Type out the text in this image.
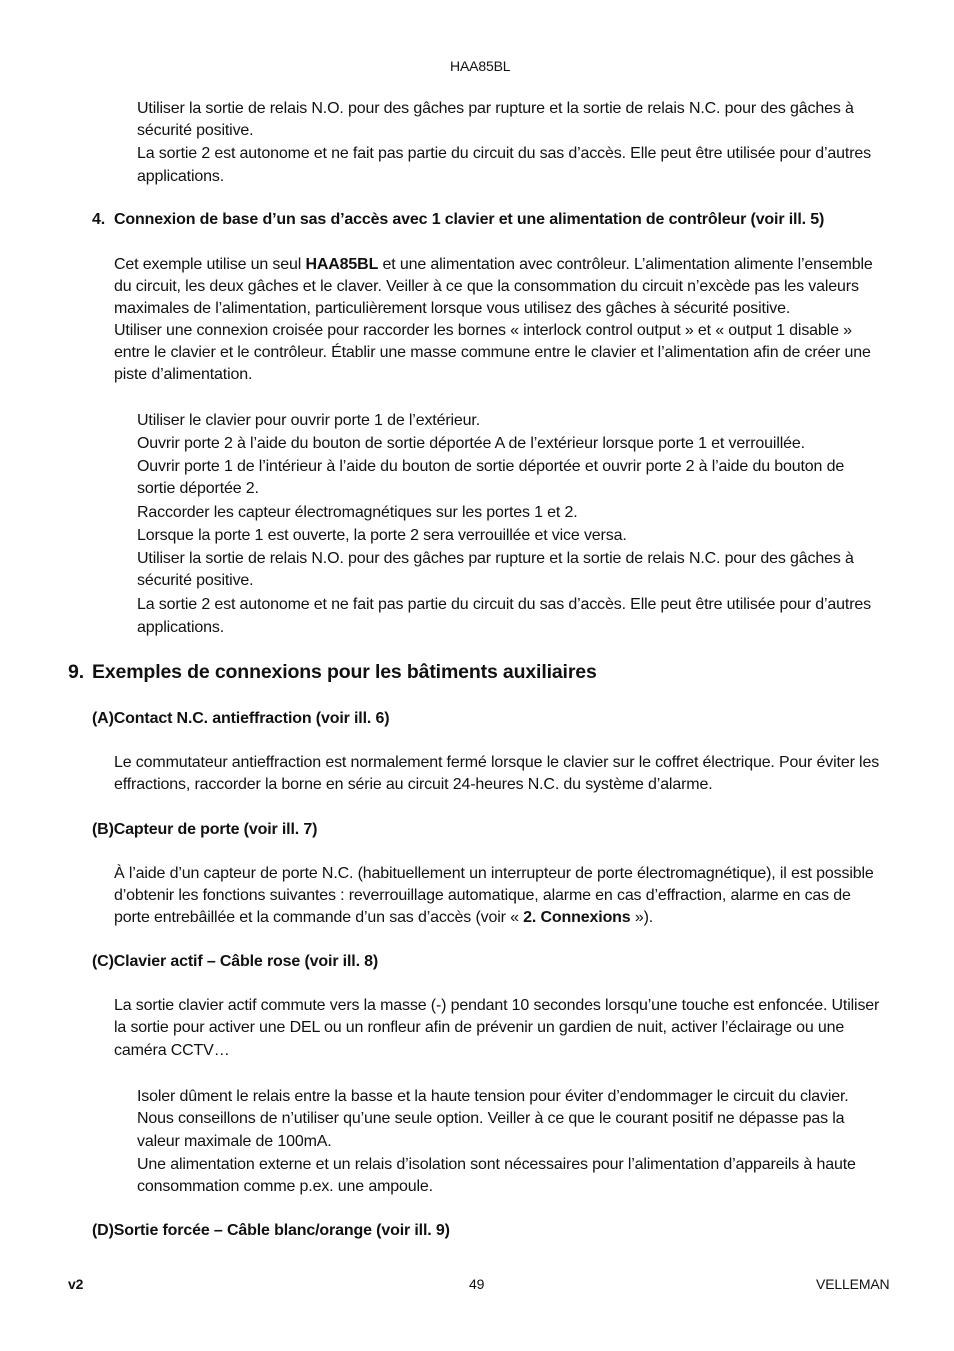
HAA85BL
Utiliser la sortie de relais N.O. pour des gâches par rupture et la sortie de relais N.C. pour des gâches à
sécurité positive.
La sortie 2 est autonome et ne fait pas partie du circuit du sas d’accès. Elle peut être utilisée pour d’autres
applications.
4. Connexion de base d’un sas d’accès avec 1 clavier et une alimentation de contrôleur (voir ill. 5)
Cet exemple utilise un seul HAA85BL et une alimentation avec contrôleur. L’alimentation alimente l’ensemble
du circuit, les deux gâches et le claver. Veiller à ce que la consommation du circuit n’excède pas les valeurs
maximales de l’alimentation, particulièrement lorsque vous utilisez des gâches à sécurité positive.
Utiliser une connexion croisée pour raccorder les bornes « interlock control output » et « output 1 disable »
entre le clavier et le contrôleur. Établir une masse commune entre le clavier et l’alimentation afin de créer une
piste d’alimentation.
Utiliser le clavier pour ouvrir porte 1 de l’extérieur.
Ouvrir porte 2 à l’aide du bouton de sortie déportée A de l’extérieur lorsque porte 1 et verrouillée.
Ouvrir porte 1 de l’intérieur à l’aide du bouton de sortie déportée et ouvrir porte 2 à l’aide du bouton de
sortie déportée 2.
Raccorder les capteur électromagnétiques sur les portes 1 et 2.
Lorsque la porte 1 est ouverte, la porte 2 sera verrouillée et vice versa.
Utiliser la sortie de relais N.O. pour des gâches par rupture et la sortie de relais N.C. pour des gâches à
sécurité positive.
La sortie 2 est autonome et ne fait pas partie du circuit du sas d’accès. Elle peut être utilisée pour d’autres
applications.
9. Exemples de connexions pour les bâtiments auxiliaires
(A)Contact N.C. antieffraction (voir ill. 6)
Le commutateur antieffraction est normalement fermé lorsque le clavier sur le coffret électrique. Pour éviter les
effractions, raccorder la borne en série au circuit 24-heures N.C. du système d’alarme.
(B)Capteur de porte (voir ill. 7)
À l’aide d’un capteur de porte N.C. (habituellement un interrupteur de porte électromagnétique), il est possible
d’obtenir les fonctions suivantes : reverrouillage automatique, alarme en cas d’effraction, alarme en cas de
porte entrebâillée et la commande d’un sas d’accès (voir « 2. Connexions »).
(C)Clavier actif – Câble rose (voir ill. 8)
La sortie clavier actif commute vers la masse (-) pendant 10 secondes lorsqu’une touche est enfoncée. Utiliser
la sortie pour activer une DEL ou un ronfleur afin de prévenir un gardien de nuit, activer l’éclairage ou une
caméra CCTV…
Isoler dûment le relais entre la basse et la haute tension pour éviter d’endommager le circuit du clavier.
Nous conseillons de n’utiliser qu’une seule option. Veiller à ce que le courant positif ne dépasse pas la
valeur maximale de 100mA.
Une alimentation externe et un relais d’isolation sont nécessaires pour l’alimentation d’appareils à haute
consommation comme p.ex. une ampoule.
(D)Sortie forcée – Câble blanc/orange (voir ill. 9)
v2	49	VELLEMAN
